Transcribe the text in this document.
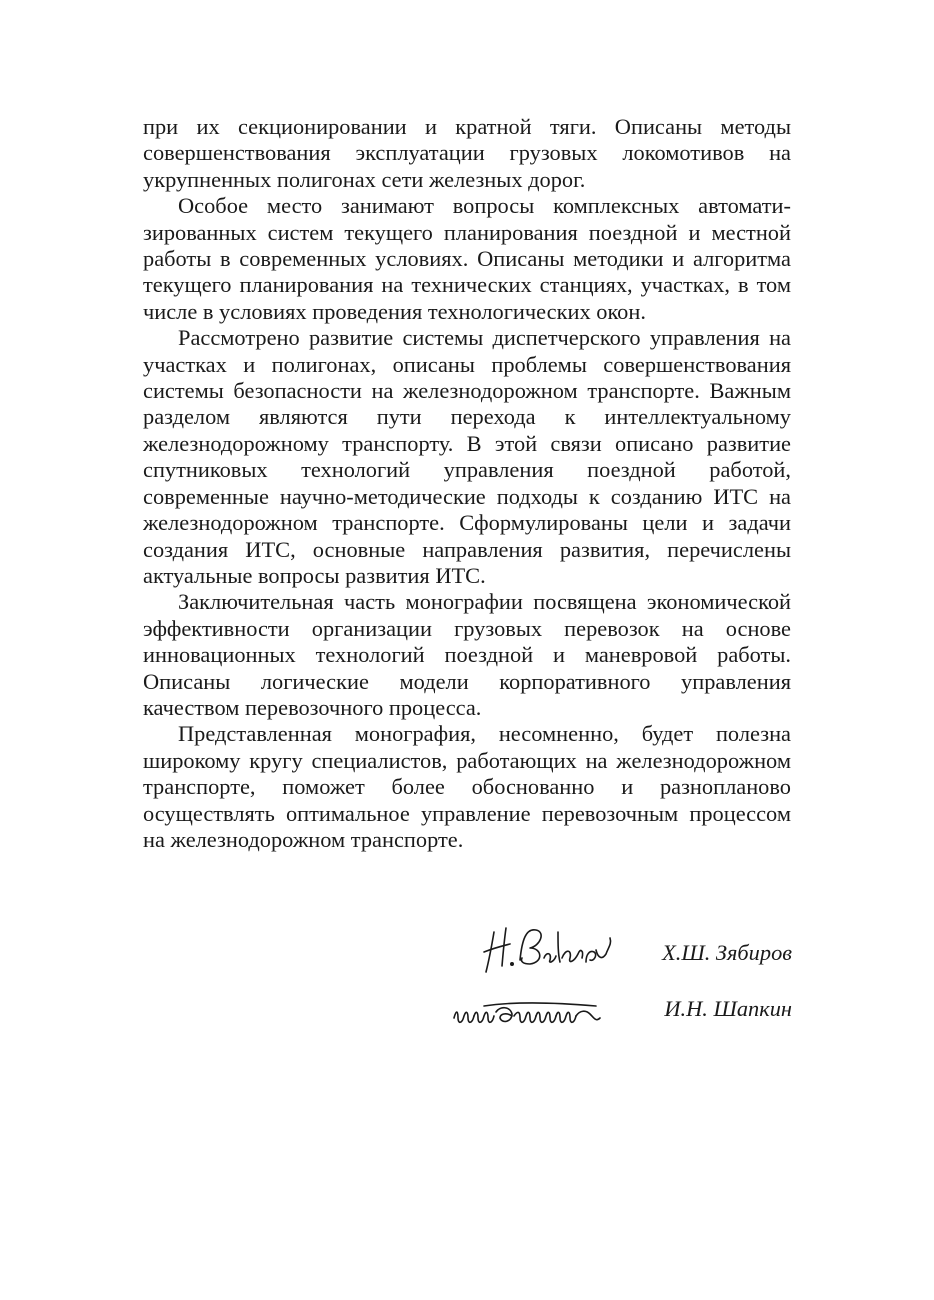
при их секционировании и кратной тяги. Описаны методы совершенствования эксплуатации грузовых локомотивов на укрупненных полигонах сети железных дорог.

Особое место занимают вопросы комплексных автоматизированных систем текущего планирования поездной и местной работы в современных условиях. Описаны методики и алгоритма текущего планирования на технических станциях, участках, в том числе в условиях проведения технологических окон.

Рассмотрено развитие системы диспетчерского управления на участках и полигонах, описаны проблемы совершенствования системы безопасности на железнодорожном транспорте. Важным разделом являются пути перехода к интеллектуальному железнодорожному транспорту. В этой связи описано развитие спутниковых технологий управления поездной работой, современные научно-методические подходы к созданию ИТС на железнодорожном транспорте. Сформулированы цели и задачи создания ИТС, основные направления развития, перечислены актуальные вопросы развития ИТС.

Заключительная часть монографии посвящена экономической эффективности организации грузовых перевозок на основе инновационных технологий поездной и маневровой работы. Описаны логические модели корпоративного управления качеством перевозочного процесса.

Представленная монография, несомненно, будет полезна широкому кругу специалистов, работающих на железнодорожном транспорте, поможет более обоснованно и разнопланово осуществлять оптимальное управление перевозочным процессом на железнодорожном транспорте.

Х.Ш. Зябиров
И.Н. Шапкин
